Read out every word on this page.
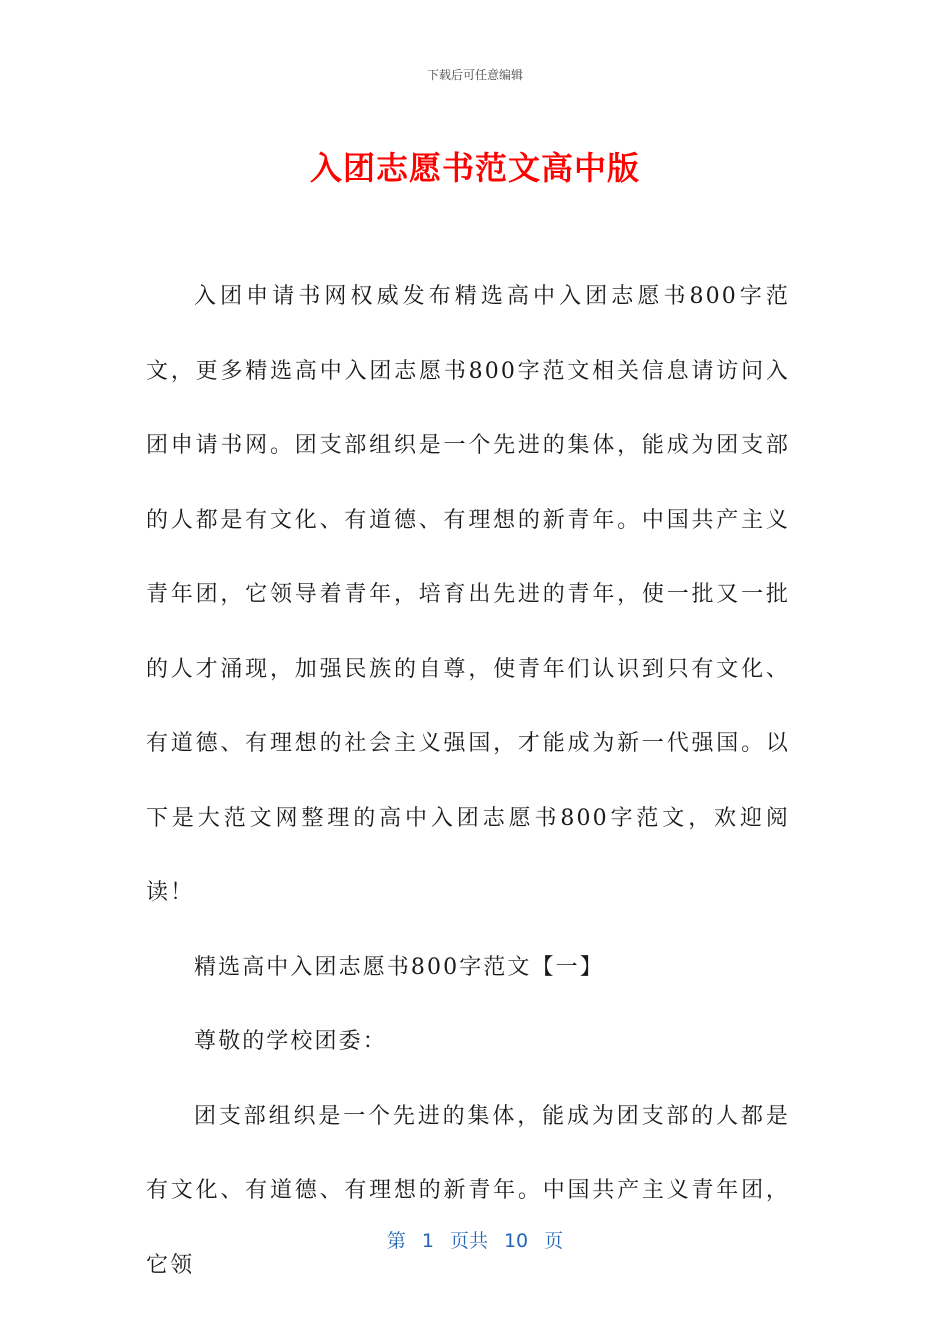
下载后可任意编辑
入团志愿书范文高中版

入团申请书网权威发布精选高中入团志愿书800字范文，更多精选高中入团志愿书800字范文相关信息请访问入团申请书网。团支部组织是一个先进的集体，能成为团支部的人都是有文化、有道德、有理想的新青年。中国共产主义青年团，它领导着青年，培育出先进的青年，使一批又一批的人才涌现，加强民族的自尊，使青年们认识到只有文化、有道德、有理想的社会主义强国，才能成为新一代强国。以下是大范文网整理的高中入团志愿书800字范文，欢迎阅读！

精选高中入团志愿书800字范文【一】

尊敬的学校团委：

团支部组织是一个先进的集体，能成为团支部的人都是有文化、有道德、有理想的新青年。中国共产主义青年团，它领

第 1 页共 10 页
